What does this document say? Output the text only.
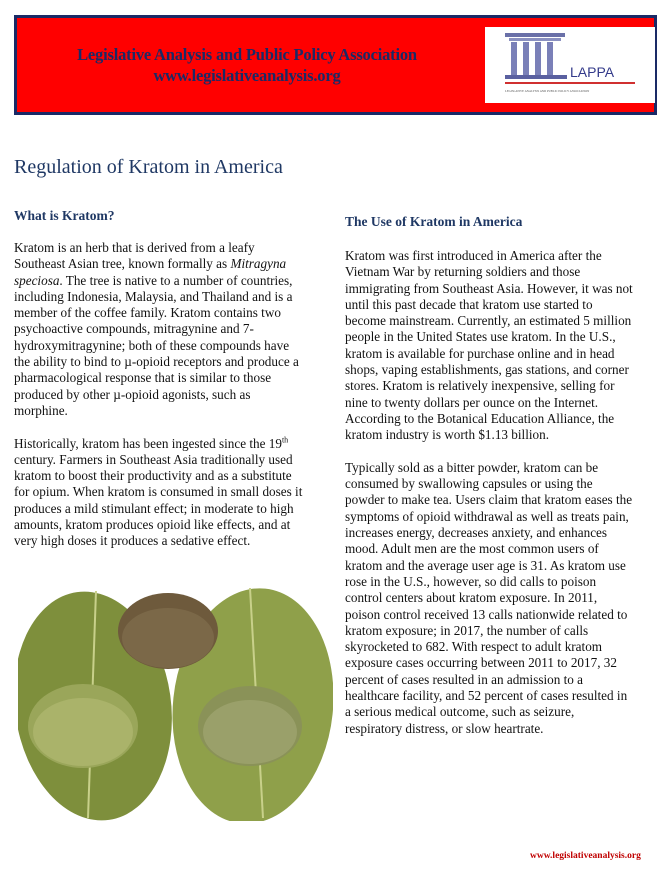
Legislative Analysis and Public Policy Association
www.legislativeanalysis.org	LAPPA
LEGISLATIVE ANALYSIS AND PUBLIC POLICY ASSOCIATION
Regulation of Kratom in America
What is Kratom?
Kratom is an herb that is derived from a leafy
Southeast Asian tree, known formally as Mitragyna
speciosa. The tree is native to a number of countries,
including Indonesia, Malaysia, and Thailand and is a
member of the coffee family. Kratom contains two
psychoactive compounds, mitragynine and 7-
hydroxymitragynine; both of these compounds have
the ability to bind to µ-opioid receptors and produce a
pharmacological response that is similar to those
produced by other µ-opioid agonists, such as
morphine.
Historically, kratom has been ingested since the 19th
century. Farmers in Southeast Asia traditionally used
kratom to boost their productivity and as a substitute
for opium. When kratom is consumed in small doses it
produces a mild stimulant effect; in moderate to high
amounts, kratom produces opioid like effects, and at
very high doses it produces a sedative effect.
The Use of Kratom in America
Kratom was first introduced in America after the
Vietnam War by returning soldiers and those
immigrating from Southeast Asia. However, it was not
until this past decade that kratom use started to
become mainstream. Currently, an estimated 5 million
people in the United States use kratom. In the U.S.,
kratom is available for purchase online and in head
shops, vaping establishments, gas stations, and corner
stores. Kratom is relatively inexpensive, selling for
nine to twenty dollars per ounce on the Internet.
According to the Botanical Education Alliance, the
kratom industry is worth $1.13 billion.
Typically sold as a bitter powder, kratom can be
consumed by swallowing capsules or using the
powder to make tea. Users claim that kratom eases the
symptoms of opioid withdrawal as well as treats pain,
increases energy, decreases anxiety, and enhances
mood. Adult men are the most common users of
kratom and the average user age is 31. As kratom use
rose in the U.S., however, so did calls to poison
control centers about kratom exposure. In 2011,
poison control received 13 calls nationwide related to
kratom exposure; in 2017, the number of calls
skyrocketed to 682. With respect to adult kratom
exposure cases occurring between 2011 to 2017, 32
percent of cases resulted in an admission to a
healthcare facility, and 52 percent of cases resulted in
a serious medical outcome, such as seizure,
respiratory distress, or slow heartrate.
www.legislativeanalysis.org
